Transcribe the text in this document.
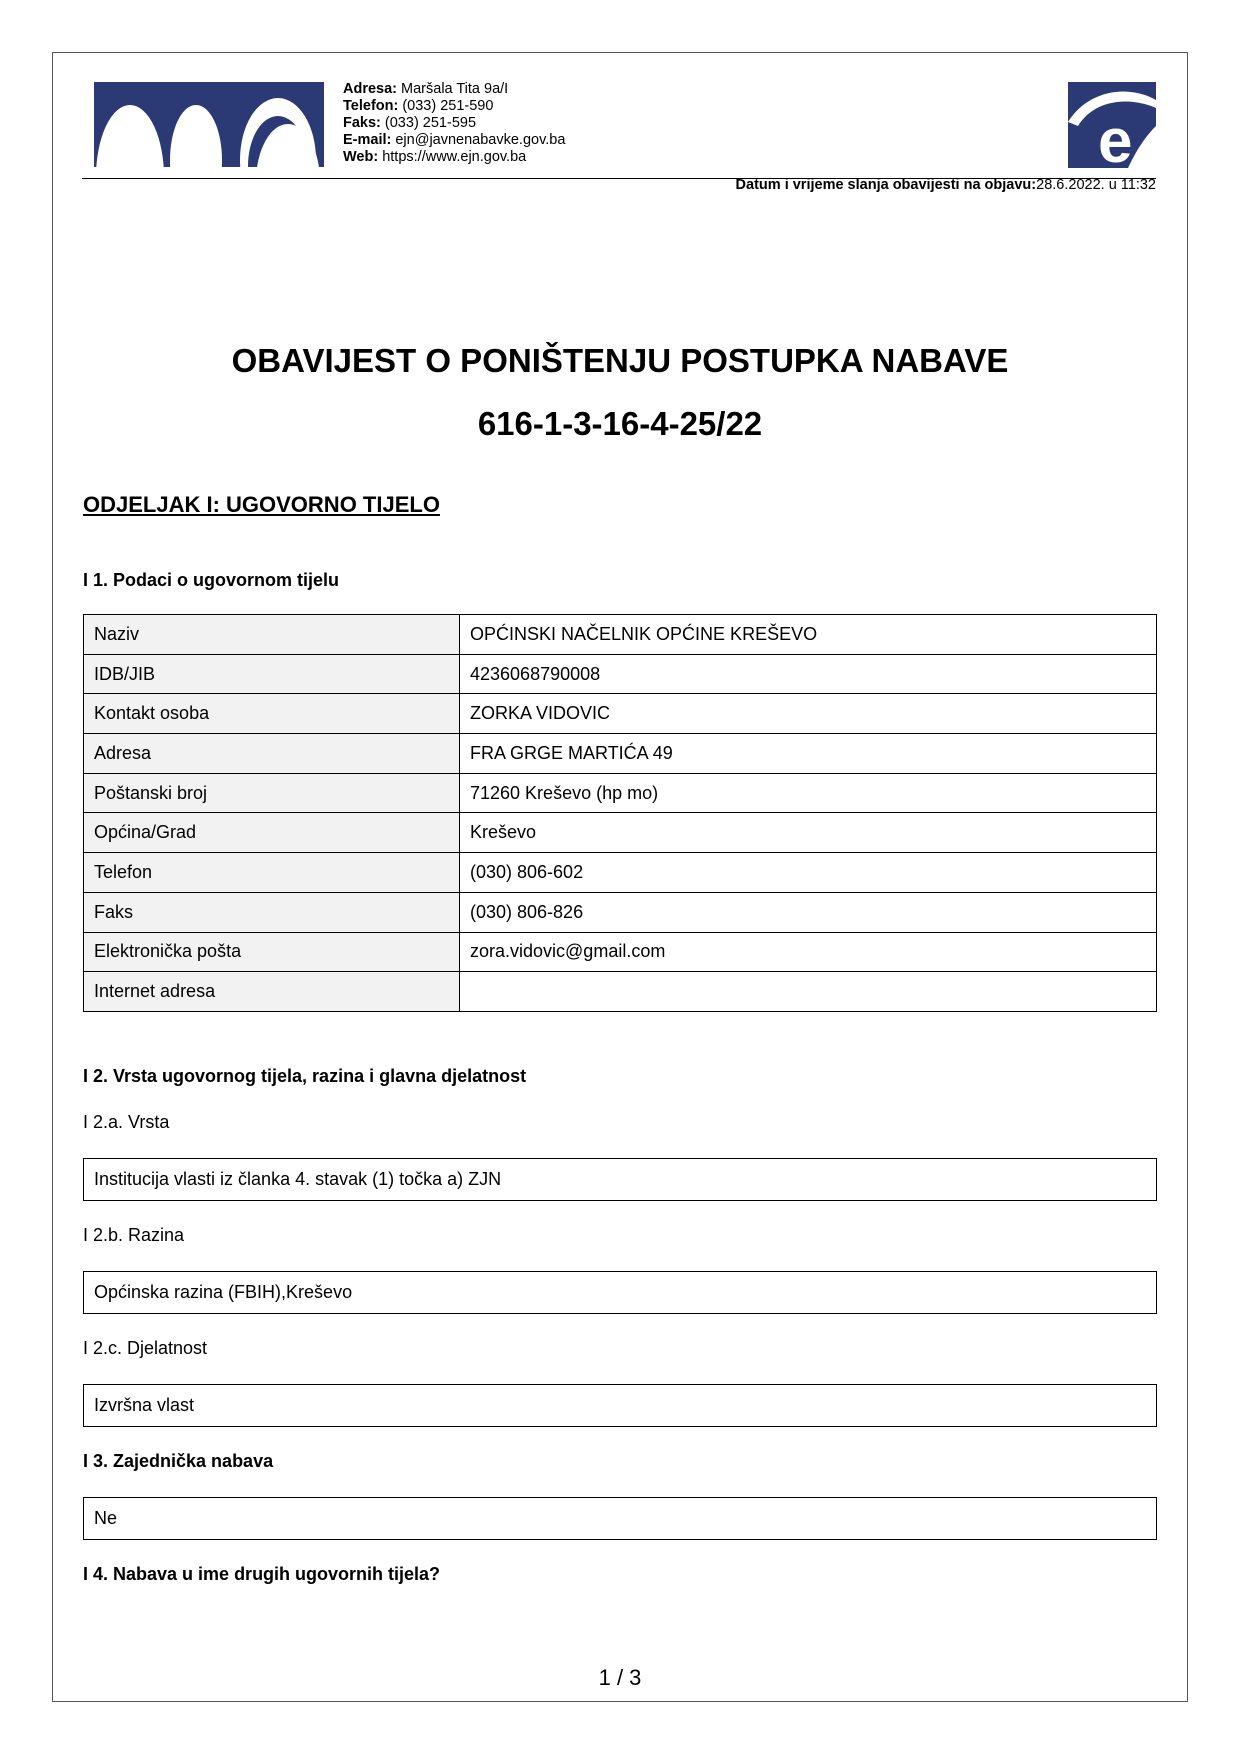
Adresa: Maršala Tita 9a/I
Telefon: (033) 251-590
Faks: (033) 251-595
E-mail: ejn@javnenabavke.gov.ba
Web: https://www.ejn.gov.ba	e
Datum i vrijeme slanja obavijesti na objavu:28.6.2022. u 11:32
OBAVIJEST O PONIŠTENJU POSTUPKA NABAVE
616-1-3-16-4-25/22
ODJELJAK I: UGOVORNO TIJELO
I 1. Podaci o ugovornom tijelu
Naziv	OPĆINSKI NAČELNIK OPĆINE KREŠEVO
IDB/JIB	4236068790008
Kontakt osoba	ZORKA VIDOVIC
Adresa	FRA GRGE MARTIĆA 49
Poštanski broj	71260 Kreševo (hp mo)
Općina/Grad	Kreševo
Telefon	(030) 806-602
Faks	(030) 806-826
Elektronička pošta	zora.vidovic@gmail.com
Internet adresa	
I 2. Vrsta ugovornog tijela, razina i glavna djelatnost
I 2.a. Vrsta
Institucija vlasti iz članka 4. stavak (1) točka a) ZJN
I 2.b. Razina
Općinska razina (FBIH),Kreševo
I 2.c. Djelatnost
Izvršna vlast
I 3. Zajednička nabava
Ne
I 4. Nabava u ime drugih ugovornih tijela?
1 / 3
